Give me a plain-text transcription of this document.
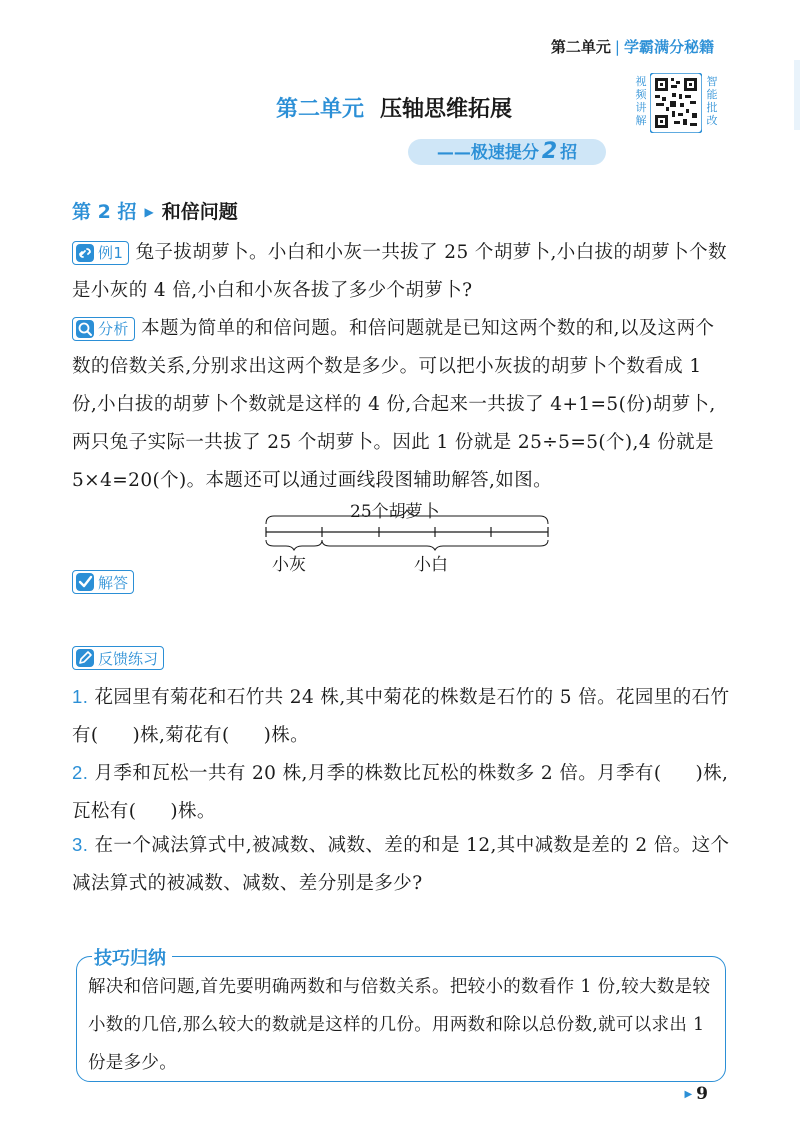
第二单元 | 学霸满分秘籍
第二单元 压轴思维拓展
——极速提分 2 招
视频讲解
智能批改
第 2 招 ▶ 和倍问题
例1 兔子拔胡萝卜。小白和小灰一共拔了 25 个胡萝卜,小白拔的胡萝卜个数是小灰的 4 倍,小白和小灰各拔了多少个胡萝卜?
分析 本题为简单的和倍问题。和倍问题就是已知这两个数的和,以及这两个数的倍数关系,分别求出这两个数是多少。可以把小灰拔的胡萝卜个数看成 1 份,小白拔的胡萝卜个数就是这样的 4 份,合起来一共拔了 4+1=5(份)胡萝卜,两只兔子实际一共拔了 25 个胡萝卜。因此 1 份就是 25÷5=5(个),4 份就是 5×4=20(个)。本题还可以通过画线段图辅助解答,如图。
25个胡萝卜
小灰	小白
解答
反馈练习
1. 花园里有菊花和石竹共 24 株,其中菊花的株数是石竹的 5 倍。花园里的石竹有( )株,菊花有( )株。
2. 月季和瓦松一共有 20 株,月季的株数比瓦松的株数多 2 倍。月季有( )株,瓦松有( )株。
3. 在一个减法算式中,被减数、减数、差的和是 12,其中减数是差的 2 倍。这个减法算式的被减数、减数、差分别是多少?
技巧归纳
解决和倍问题,首先要明确两数和与倍数关系。把较小的数看作 1 份,较大数是较小数的几倍,那么较大的数就是这样的几份。用两数和除以总份数,就可以求出 1 份是多少。
▶ 9
